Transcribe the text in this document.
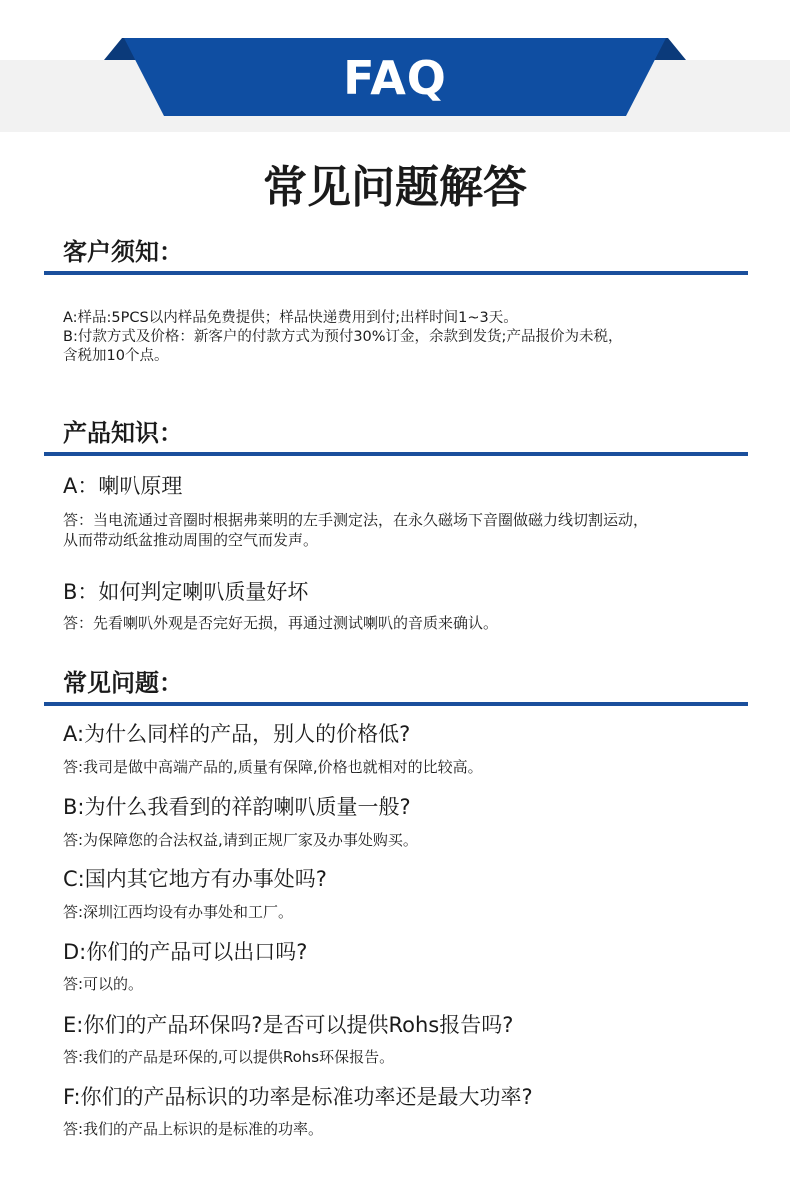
FAQ
常见问题解答
客户须知：
A:样品:5PCS以内样品免费提供；样品快递费用到付;出样时间1~3天。
B:付款方式及价格：新客户的付款方式为预付30%订金，余款到发货;产品报价为未税，
含税加10个点。
产品知识：
A：喇叭原理
答：当电流通过音圈时根据弗莱明的左手测定法，在永久磁场下音圈做磁力线切割运动，
从而带动纸盆推动周围的空气而发声。
B：如何判定喇叭质量好坏
答：先看喇叭外观是否完好无损，再通过测试喇叭的音质来确认。
常见问题：
A:为什么同样的产品，别人的价格低?
答:我司是做中高端产品的,质量有保障,价格也就相对的比较高。
B:为什么我看到的祥韵喇叭质量一般?
答:为保障您的合法权益,请到正规厂家及办事处购买。
C:国内其它地方有办事处吗?
答:深圳江西均设有办事处和工厂。
D:你们的产品可以出口吗?
答:可以的。
E:你们的产品环保吗?是否可以提供Rohs报告吗?
答:我们的产品是环保的,可以提供Rohs环保报告。
F:你们的产品标识的功率是标准功率还是最大功率?
答:我们的产品上标识的是标准的功率。
